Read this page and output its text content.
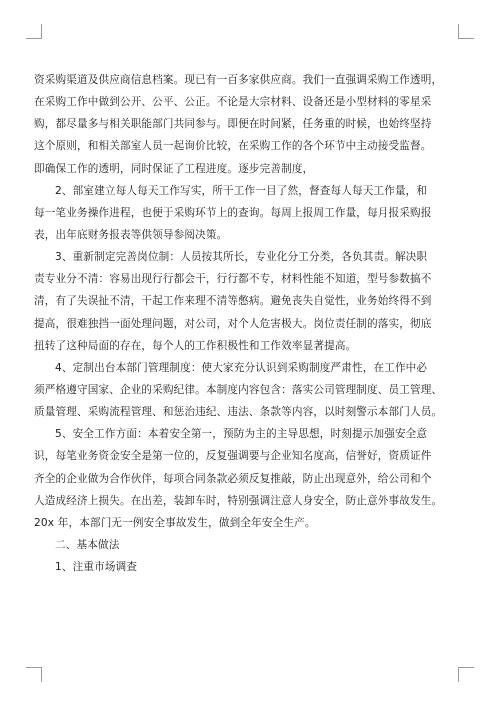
资采购渠道及供应商信息档案。现已有一百多家供应商。我们一直强调采购工作透明，
在采购工作中做到公开、公平、公正。不论是大宗材料、设备还是小型材料的零星采
购，都尽量多与相关职能部门共同参与。即便在时间紧，任务重的时候，也始终坚持
这个原则，和相关部室人员一起询价比较，在采购工作的各个环节中主动接受监督。
即确保工作的透明，同时保证了工程进度。逐步完善制度，
2、部室建立每人每天工作写实，所干工作一目了然，督查每人每天工作量，和
每一笔业务操作进程，也便于采购环节上的查询。每周上报周工作量，每月报采购报
表，出年底财务报表等供领导参阅决策。
3、重新制定完善岗位制：人员按其所长，专业化分工分类，各负其责。解决职
责专业分不清：容易出现行行都会干，行行都不专，材料性能不知道，型号参数搞不
清，有了失误扯不清，干起工作来理不清等憋病。避免丧失自觉性，业务始终得不到
提高，很难独挡一面处理问题，对公司，对个人危害极大。岗位责任制的落实，彻底
扭转了这种局面的存在，每个人的工作积极性和工作效率显著提高。
4、定制出台本部门管理制度：使大家充分认识到采购制度严肃性，在工作中必
须严格遵守国家、企业的采购纪律。本制度内容包含：落实公司管理制度、员工管理、
质量管理、采购流程管理、和惩治违纪、违法、条款等内容，以时刻警示本部门人员。
5、安全工作方面：本着安全第一，预防为主的主导思想，时刻提示加强安全意
识，每笔业务资金安全是第一位的，反复强调要与企业知名度高，信誉好，资质证件
齐全的企业做为合作伙伴，每项合同条款必须反复推敲，防止出现意外，给公司和个
人造成经济上损失。在出差，装卸车时，特别强调注意人身安全，防止意外事故发生。
20x 年，本部门无一例安全事故发生，做到全年安全生产。
二、基本做法
1、注重市场调查
